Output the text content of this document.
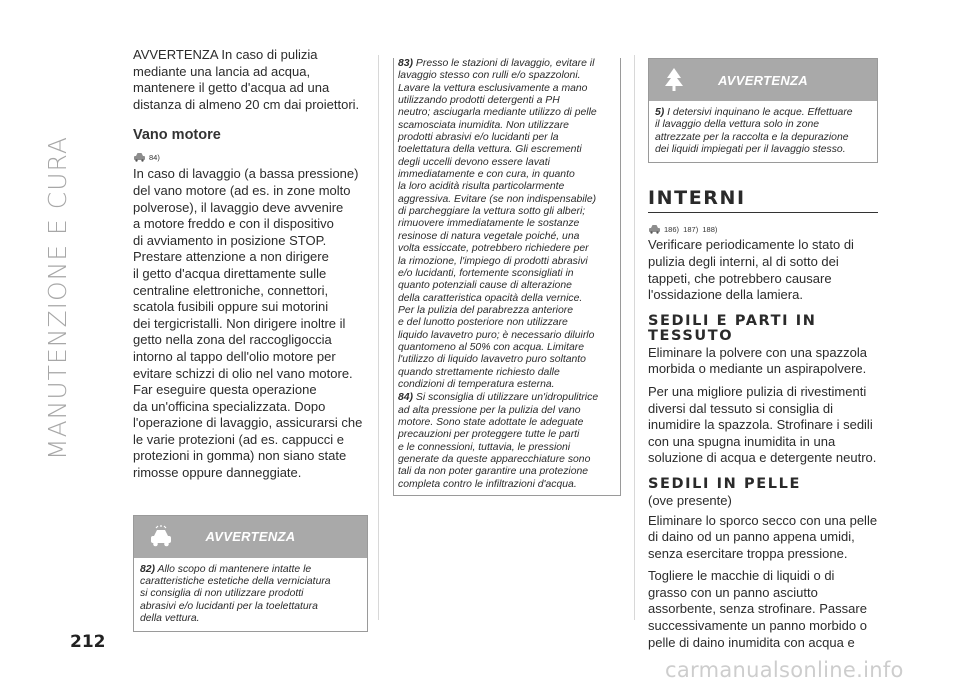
MANUTENZIONE E CURA
212
AVVERTENZA In caso di pulizia
mediante una lancia ad acqua,
mantenere il getto d'acqua ad una
distanza di almeno 20 cm dai proiettori.
Vano motore
84)
In caso di lavaggio (a bassa pressione)
del vano motore (ad es. in zone molto
polverose), il lavaggio deve avvenire
a motore freddo e con il dispositivo
di avviamento in posizione STOP.
Prestare attenzione a non dirigere
il getto d'acqua direttamente sulle
centraline elettroniche, connettori,
scatola fusibili oppure sui motorini
dei tergicristalli. Non dirigere inoltre il
getto nella zona del raccogligoccia
intorno al tappo dell'olio motore per
evitare schizzi di olio nel vano motore.
Far eseguire questa operazione
da un'officina specializzata. Dopo
l'operazione di lavaggio, assicurarsi che
le varie protezioni (ad es. cappucci e
protezioni in gomma) non siano state
rimosse oppure danneggiate.
AVVERTENZA
82) Allo scopo di mantenere intatte le
caratteristiche estetiche della verniciatura
si consiglia di non utilizzare prodotti
abrasivi e/o lucidanti per la toelettatura
della vettura.
83) Presso le stazioni di lavaggio, evitare il
lavaggio stesso con rulli e/o spazzoloni.
Lavare la vettura esclusivamente a mano
utilizzando prodotti detergenti a PH
neutro; asciugarla mediante utilizzo di pelle
scamosciata inumidita. Non utilizzare
prodotti abrasivi e/o lucidanti per la
toelettatura della vettura. Gli escrementi
degli uccelli devono essere lavati
immediatamente e con cura, in quanto
la loro acidità risulta particolarmente
aggressiva. Evitare (se non indispensabile)
di parcheggiare la vettura sotto gli alberi;
rimuovere immediatamente le sostanze
resinose di natura vegetale poiché, una
volta essiccate, potrebbero richiedere per
la rimozione, l'impiego di prodotti abrasivi
e/o lucidanti, fortemente sconsigliati in
quanto potenziali cause di alterazione
della caratteristica opacità della vernice.
Per la pulizia del parabrezza anteriore
e del lunotto posteriore non utilizzare
liquido lavavetro puro; è necessario diluirlo
quantomeno al 50% con acqua. Limitare
l'utilizzo di liquido lavavetro puro soltanto
quando strettamente richiesto dalle
condizioni di temperatura esterna.
84) Si sconsiglia di utilizzare un'idropulitrice
ad alta pressione per la pulizia del vano
motore. Sono state adottate le adeguate
precauzioni per proteggere tutte le parti
e le connessioni, tuttavia, le pressioni
generate da queste apparecchiature sono
tali da non poter garantire una protezione
completa contro le infiltrazioni d'acqua.
AVVERTENZA
5) I detersivi inquinano le acque. Effettuare
il lavaggio della vettura solo in zone
attrezzate per la raccolta e la depurazione
dei liquidi impiegati per il lavaggio stesso.
INTERNI
186)  187)  188)
Verificare periodicamente lo stato di
pulizia degli interni, al di sotto dei
tappeti, che potrebbero causare
l'ossidazione della lamiera.
SEDILI E PARTI IN
TESSUTO
Eliminare la polvere con una spazzola
morbida o mediante un aspirapolvere.
Per una migliore pulizia di rivestimenti
diversi dal tessuto si consiglia di
inumidire la spazzola. Strofinare i sedili
con una spugna inumidita in una
soluzione di acqua e detergente neutro.
SEDILI IN PELLE
(ove presente)
Eliminare lo sporco secco con una pelle
di daino od un panno appena umidi,
senza esercitare troppa pressione.
Togliere le macchie di liquidi o di
grasso con un panno asciutto
assorbente, senza strofinare. Passare
successivamente un panno morbido o
pelle di daino inumidita con acqua e
carmanualsonline.info
